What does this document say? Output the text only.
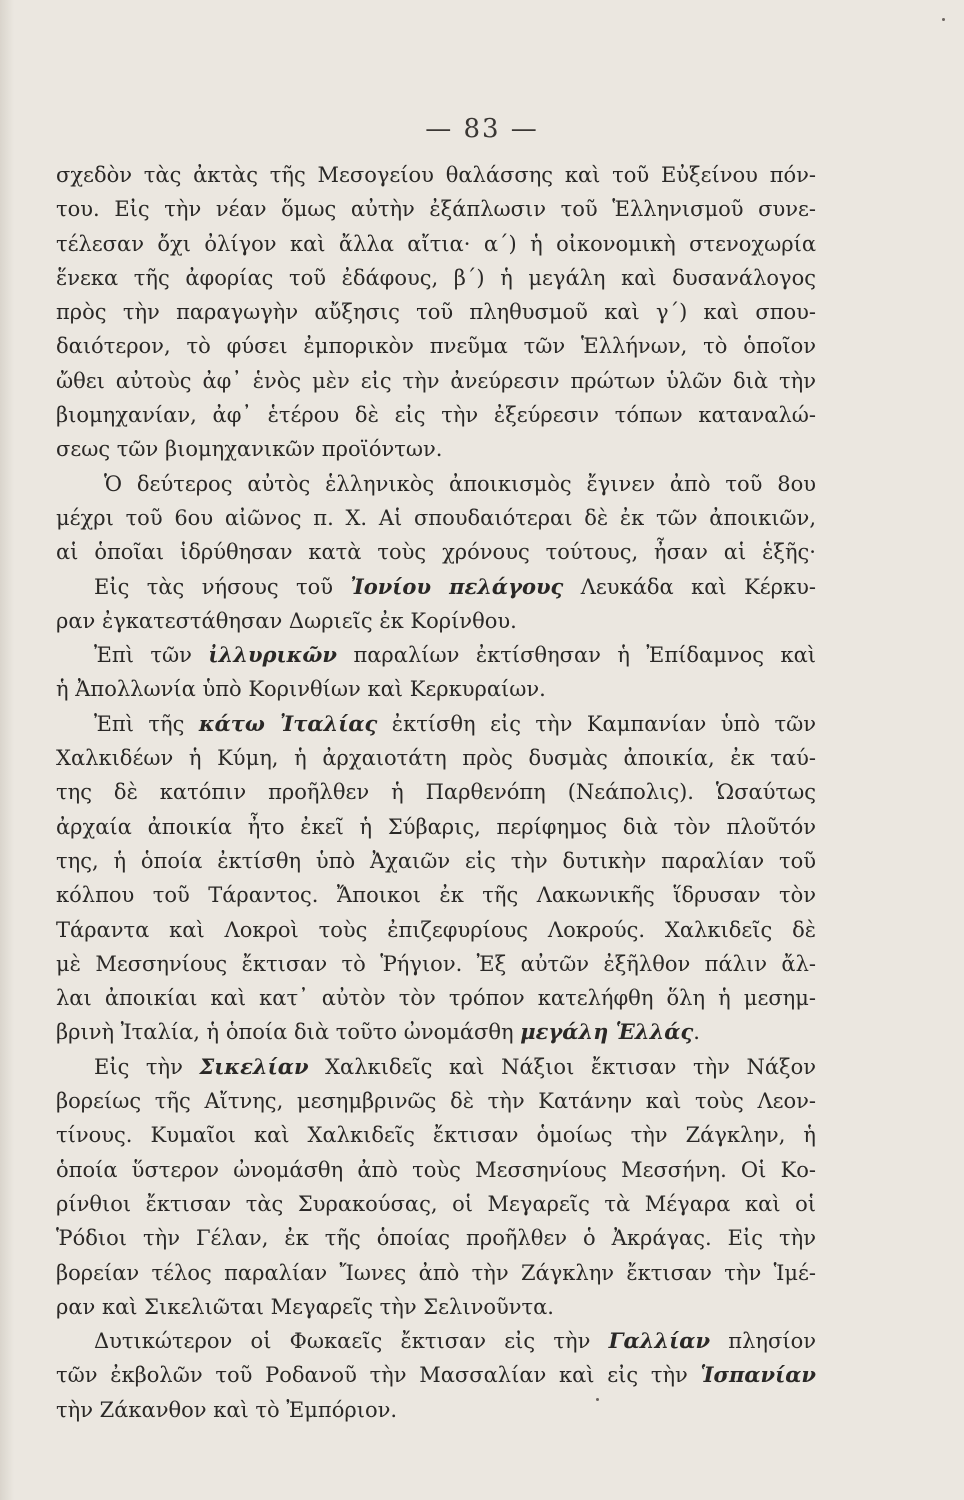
— 83 —
σχεδὸν τὰς ἀκτὰς τῆς Μεσογείου θαλάσσης καὶ τοῦ Εὐξείνου πόν-
του. Εἰς τὴν νέαν ὅμως αὐτὴν ἐξάπλωσιν τοῦ Ἑλληνισμοῦ συνε-
τέλεσαν ὄχι ὀλίγον καὶ ἄλλα αἴτια· α΄) ἡ οἰκονομικὴ στενοχωρία
ἕνεκα τῆς ἀφορίας τοῦ ἐδάφους, β΄) ἡ μεγάλη καὶ δυσανάλογος
πρὸς τὴν παραγωγὴν αὔξησις τοῦ πληθυσμοῦ καὶ γ΄) καὶ σπου-
δαιότερον, τὸ φύσει ἐμπορικὸν πνεῦμα τῶν Ἑλλήνων, τὸ ὁποῖον
ὤθει αὐτοὺς ἀφ᾽ ἑνὸς μὲν εἰς τὴν ἀνεύρεσιν πρώτων ὑλῶν διὰ τὴν
βιομηχανίαν, ἀφ᾽ ἑτέρου δὲ εἰς τὴν ἐξεύρεσιν τόπων καταναλώ-
σεως τῶν βιομηχανικῶν προϊόντων.
Ὁ δεύτερος αὐτὸς ἑλληνικὸς ἀποικισμὸς ἔγινεν ἀπὸ τοῦ 8ου
μέχρι τοῦ 6ου αἰῶνος π. Χ. Αἱ σπουδαιότεραι δὲ ἐκ τῶν ἀποικιῶν,
αἱ ὁποῖαι ἱδρύθησαν κατὰ τοὺς χρόνους τούτους, ἦσαν αἱ ἑξῆς·
Εἰς τὰς νήσους τοῦ Ἰονίου πελάγους Λευκάδα καὶ Κέρκυ-
ραν ἐγκατεστάθησαν Δωριεῖς ἐκ Κορίνθου.
Ἐπὶ τῶν ἰλλυρικῶν παραλίων ἐκτίσθησαν ἡ Ἐπίδαμνος καὶ
ἡ Ἀπολλωνία ὑπὸ Κορινθίων καὶ Κερκυραίων.
Ἐπὶ τῆς κάτω Ἰταλίας ἐκτίσθη εἰς τὴν Καμπανίαν ὑπὸ τῶν
Χαλκιδέων ἡ Κύμη, ἡ ἀρχαιοτάτη πρὸς δυσμὰς ἀποικία, ἐκ ταύ-
της δὲ κατόπιν προῆλθεν ἡ Παρθενόπη (Νεάπολις). Ὡσαύτως
ἀρχαία ἀποικία ἦτο ἐκεῖ ἡ Σύβαρις, περίφημος διὰ τὸν πλοῦτόν
της, ἡ ὁποία ἐκτίσθη ὑπὸ Ἀχαιῶν εἰς τὴν δυτικὴν παραλίαν τοῦ
κόλπου τοῦ Τάραντος. Ἄποικοι ἐκ τῆς Λακωνικῆς ἵδρυσαν τὸν
Τάραντα καὶ Λοκροὶ τοὺς ἐπιζεφυρίους Λοκρούς. Χαλκιδεῖς δὲ
μὲ Μεσσηνίους ἔκτισαν τὸ Ῥήγιον. Ἐξ αὐτῶν ἐξῆλθον πάλιν ἄλ-
λαι ἀποικίαι καὶ κατ᾽ αὐτὸν τὸν τρόπον κατελήφθη ὅλη ἡ μεσημ-
βρινὴ Ἰταλία, ἡ ὁποία διὰ τοῦτο ὠνομάσθη μεγάλη Ἑλλάς.
Εἰς τὴν Σικελίαν Χαλκιδεῖς καὶ Νάξιοι ἔκτισαν τὴν Νάξον
βορείως τῆς Αἴτνης, μεσημβρινῶς δὲ τὴν Κατάνην καὶ τοὺς Λεον-
τίνους. Κυμαῖοι καὶ Χαλκιδεῖς ἔκτισαν ὁμοίως τὴν Ζάγκλην, ἡ
ὁποία ὕστερον ὠνομάσθη ἀπὸ τοὺς Μεσσηνίους Μεσσήνη. Οἱ Κο-
ρίνθιοι ἔκτισαν τὰς Συρακούσας, οἱ Μεγαρεῖς τὰ Μέγαρα καὶ οἱ
Ῥόδιοι τὴν Γέλαν, ἐκ τῆς ὁποίας προῆλθεν ὁ Ἀκράγας. Εἰς τὴν
βορείαν τέλος παραλίαν Ἴωνες ἀπὸ τὴν Ζάγκλην ἔκτισαν τὴν Ἱμέ-
ραν καὶ Σικελιῶται Μεγαρεῖς τὴν Σελινοῦντα.
Δυτικώτερον οἱ Φωκαεῖς ἔκτισαν εἰς τὴν Γαλλίαν πλησίον
τῶν ἐκβολῶν τοῦ Ροδανοῦ τὴν Μασσαλίαν καὶ εἰς τὴν Ἱσπανίαν
τὴν Ζάκανθον καὶ τὸ Ἐμπόριον.
